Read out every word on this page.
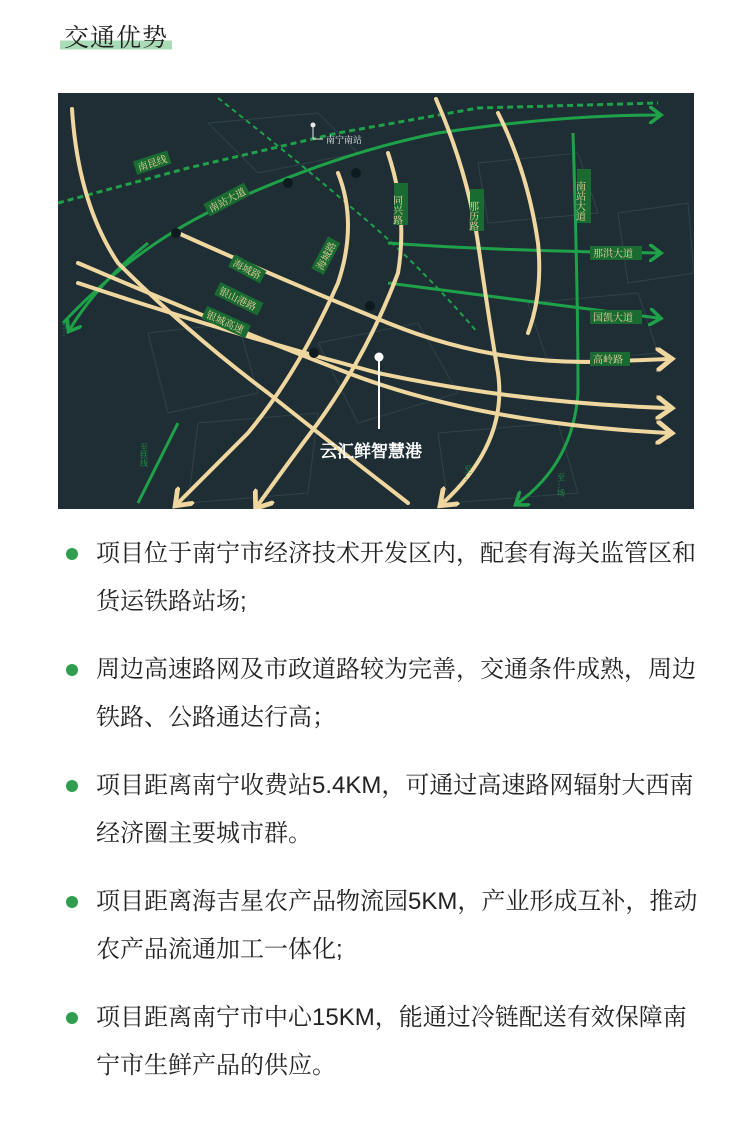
交通优势
南昆线
南站大道
海城路
银山港路
银城高速
同兴路
海城路
那历路	南站大道
那洪大道
国凯大道
高岭路
至...
至铁线
至...
至...场
南宁南站
云汇鲜智慧港
项目位于南宁市经济技术开发区内，配套有海关监管区和货运铁路站场;
周边高速路网及市政道路较为完善，交通条件成熟，周边铁路、公路通达行高；
项目距离南宁收费站5.4KM，可通过高速路网辐射大西南经济圈主要城市群。
项目距离海吉星农产品物流园5KM，产业形成互补，推动农产品流通加工一体化;
项目距离南宁市中心15KM，能通过冷链配送有效保障南宁市生鲜产品的供应。
